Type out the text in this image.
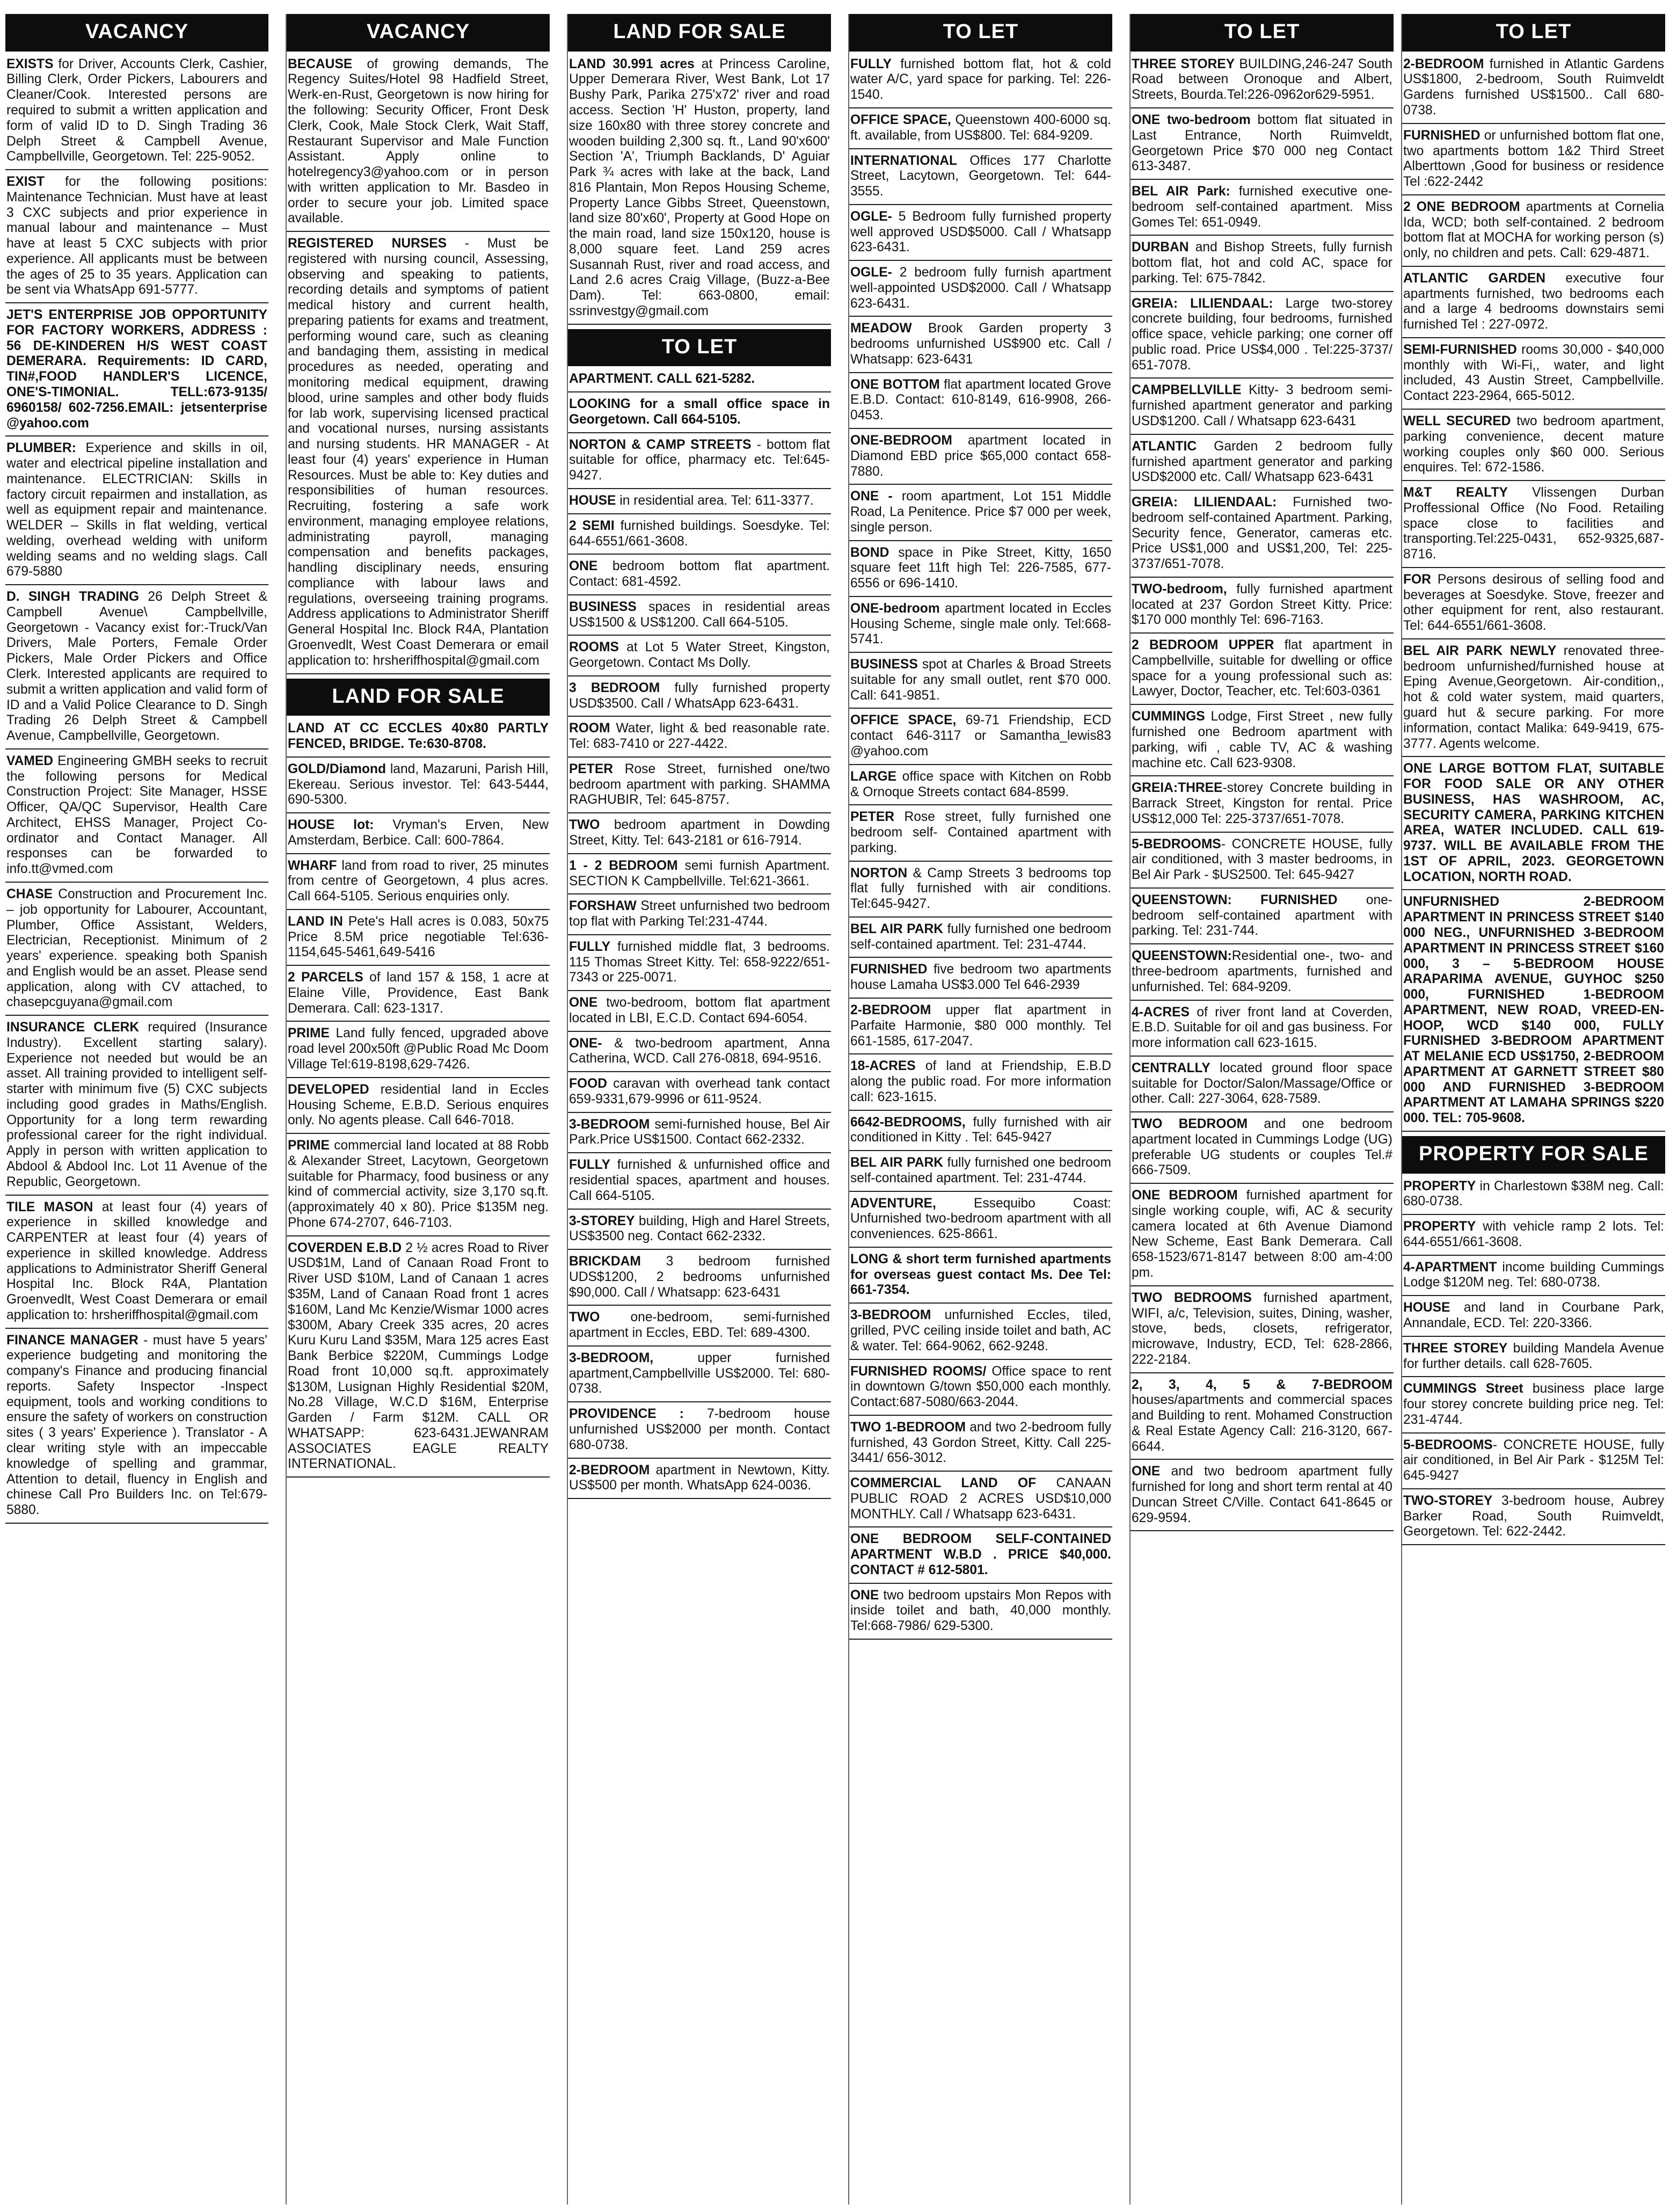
VACANCY
EXISTS for Driver, Accounts Clerk, Cashier, Billing Clerk, Order Pickers, Labourers and Cleaner/Cook. Interested persons are required to submit a written application and form of valid ID to D. Singh Trading 36 Delph Street & Campbell Avenue, Campbellville, Georgetown. Tel: 225-9052.
EXIST for the following positions: Maintenance Technician. Must have at least 3 CXC subjects and prior experience in manual labour and maintenance – Must have at least 5 CXC subjects with prior experience. All applicants must be between the ages of 25 to 35 years. Application can be sent via WhatsApp 691-5777.
JET'S ENTERPRISE JOB OPPORTUNITY FOR FACTORY WORKERS, ADDRESS : 56 DE-KINDEREN H/S WEST COAST DEMERARA. Requirements: ID CARD, TIN#,FOOD HANDLER'S LICENCE, ONE'S-TIMONIAL. TELL:673-9135/ 6960158/ 602-7256.EMAIL: jetsenterprise @yahoo.com
PLUMBER: Experience and skills in oil, water and electrical pipeline installation and maintenance. ELECTRICIAN: Skills in factory circuit repairmen and installation, as well as equipment repair and maintenance. WELDER – Skills in flat welding, vertical welding, overhead welding with uniform welding seams and no welding slags. Call 679-5880
D. SINGH TRADING 26 Delph Street & Campbell Avenue\ Campbellville, Georgetown - Vacancy exist for:-Truck/Van Drivers, Male Porters, Female Order Pickers, Male Order Pickers and Office Clerk. Interested applicants are required to submit a written application and valid form of ID and a Valid Police Clearance to D. Singh Trading 26 Delph Street & Campbell Avenue, Campbellville, Georgetown.
VAMED Engineering GMBH seeks to recruit the following persons for Medical Construction Project: Site Manager, HSSE Officer, QA/QC Supervisor, Health Care Architect, EHSS Manager, Project Co-ordinator and Contact Manager. All responses can be forwarded to info.tt@vmed.com
CHASE Construction and Procurement Inc. – job opportunity for Labourer, Accountant, Plumber, Office Assistant, Welders, Electrician, Receptionist. Minimum of 2 years' experience. speaking both Spanish and English would be an asset. Please send application, along with CV attached, to chasepcguyana@gmail.com
INSURANCE CLERK required (Insurance Industry). Excellent starting salary). Experience not needed but would be an asset. All training provided to intelligent self-starter with minimum five (5) CXC subjects including good grades in Maths/English. Opportunity for a long term rewarding professional career for the right individual. Apply in person with written application to Abdool & Abdool Inc. Lot 11 Avenue of the Republic, Georgetown.
TILE MASON at least four (4) years of experience in skilled knowledge and CARPENTER at least four (4) years of experience in skilled knowledge. Address applications to Administrator Sheriff General Hospital Inc. Block R4A, Plantation Groenvedlt, West Coast Demerara or email application to: hrsheriffhospital@gmail.com
FINANCE MANAGER - must have 5 years' experience budgeting and monitoring the company's Finance and producing financial reports. Safety Inspector -Inspect equipment, tools and working conditions to ensure the safety of workers on construction sites ( 3 years' Experience ). Translator - A clear writing style with an impeccable knowledge of spelling and grammar, Attention to detail, fluency in English and chinese Call Pro Builders Inc. on Tel:679-5880.
VACANCY
BECAUSE of growing demands, The Regency Suites/Hotel 98 Hadfield Street, Werk-en-Rust, Georgetown is now hiring for the following: Security Officer, Front Desk Clerk, Cook, Male Stock Clerk, Wait Staff, Restaurant Supervisor and Male Function Assistant. Apply online to hotelregency3@yahoo.com or in person with written application to Mr. Basdeo in order to secure your job. Limited space available.
REGISTERED NURSES - Must be registered with nursing council, Assessing, observing and speaking to patients, recording details and symptoms of patient medical history and current health, preparing patients for exams and treatment, performing wound care, such as cleaning and bandaging them, assisting in medical procedures as needed, operating and monitoring medical equipment, drawing blood, urine samples and other body fluids for lab work, supervising licensed practical and vocational nurses, nursing assistants and nursing students. HR MANAGER - At least four (4) years' experience in Human Resources. Must be able to: Key duties and responsibilities of human resources. Recruiting, fostering a safe work environment, managing employee relations, administrating payroll, managing compensation and benefits packages, handling disciplinary needs, ensuring compliance with labour laws and regulations, overseeing training programs. Address applications to Administrator Sheriff General Hospital Inc. Block R4A, Plantation Groenvedlt, West Coast Demerara or email application to: hrsheriffhospital@gmail.com
LAND FOR SALE
LAND AT CC ECCLES 40x80 PARTLY FENCED, BRIDGE. Te:630-8708.
GOLD/Diamond land, Mazaruni, Parish Hill, Ekereau. Serious investor. Tel: 643-5444, 690-5300.
HOUSE lot: Vryman's Erven, New Amsterdam, Berbice. Call: 600-7864.
WHARF land from road to river, 25 minutes from centre of Georgetown, 4 plus acres. Call 664-5105. Serious enquiries only.
LAND IN Pete's Hall acres is 0.083, 50x75 Price 8.5M price negotiable Tel:636-1154,645-5461,649-5416
2 PARCELS of land 157 & 158, 1 acre at Elaine Ville, Providence, East Bank Demerara. Call: 623-1317.
PRIME Land fully fenced, upgraded above road level 200x50ft @Public Road Mc Doom Village Tel:619-8198,629-7426.
DEVELOPED residential land in Eccles Housing Scheme, E.B.D. Serious enquires only. No agents please. Call 646-7018.
PRIME commercial land located at 88 Robb & Alexander Street, Lacytown, Georgetown suitable for Pharmacy, food business or any kind of commercial activity, size 3,170 sq.ft. (approximately 40 x 80). Price $135M neg. Phone 674-2707, 646-7103.
COVERDEN E.B.D 2 ½ acres Road to River USD$1M, Land of Canaan Road Front to River USD $10M, Land of Canaan 1 acres $35M, Land of Canaan Road front 1 acres $160M, Land Mc Kenzie/Wismar 1000 acres $300M, Abary Creek 335 acres, 20 acres Kuru Kuru Land $35M, Mara 125 acres East Bank Berbice $220M, Cummings Lodge Road front 10,000 sq.ft. approximately $130M, Lusignan Highly Residential $20M, No.28 Village, W.C.D $16M, Enterprise Garden / Farm $12M. CALL OR WHATSAPP: 623-6431.JEWANRAM ASSOCIATES EAGLE REALTY INTERNATIONAL.
LAND FOR SALE
LAND 30.991 acres at Princess Caroline, Upper Demerara River, West Bank, Lot 17 Bushy Park, Parika 275'x72' river and road access. Section 'H' Huston, property, land size 160x80 with three storey concrete and wooden building 2,300 sq. ft., Land 90'x600' Section 'A', Triumph Backlands, D' Aguiar Park ¾ acres with lake at the back, Land 816 Plantain, Mon Repos Housing Scheme, Property Lance Gibbs Street, Queenstown, land size 80'x60', Property at Good Hope on the main road, land size 150x120, house is 8,000 square feet. Land 259 acres Susannah Rust, river and road access, and Land 2.6 acres Craig Village, (Buzz-a-Bee Dam). Tel: 663-0800, email: ssrinvestgy@gmail.com
TO LET
APARTMENT. CALL 621-5282.
LOOKING for a small office space in Georgetown. Call 664-5105.
NORTON & CAMP STREETS - bottom flat suitable for office, pharmacy etc. Tel:645-9427.
HOUSE in residential area. Tel: 611-3377.
2 SEMI furnished buildings. Soesdyke. Tel: 644-6551/661-3608.
ONE bedroom bottom flat apartment. Contact: 681-4592.
BUSINESS spaces in residential areas US$1500 & US$1200. Call 664-5105.
ROOMS at Lot 5 Water Street, Kingston, Georgetown. Contact Ms Dolly.
3 BEDROOM fully furnished property USD$3500. Call / WhatsApp 623-6431.
ROOM Water, light & bed reasonable rate. Tel: 683-7410 or 227-4422.
PETER Rose Street, furnished one/two bedroom apartment with parking. SHAMMA RAGHUBIR, Tel: 645-8757.
TWO bedroom apartment in Dowding Street, Kitty. Tel: 643-2181 or 616-7914.
1 - 2 BEDROOM semi furnish Apartment. SECTION K Campbellville. Tel:621-3661.
FORSHAW Street unfurnished two bedroom top flat with Parking Tel:231-4744.
FULLY furnished middle flat, 3 bedrooms. 115 Thomas Street Kitty. Tel: 658-9222/651-7343 or 225-0071.
ONE two-bedroom, bottom flat apartment located in LBI, E.C.D. Contact 694-6054.
ONE- & two-bedroom apartment, Anna Catherina, WCD. Call 276-0818, 694-9516.
FOOD caravan with overhead tank contact 659-9331,679-9996 or 611-9524.
3-BEDROOM semi-furnished house, Bel Air Park.Price US$1500. Contact 662-2332.
FULLY furnished & unfurnished office and residential spaces, apartment and houses. Call 664-5105.
3-STOREY building, High and Harel Streets, US$3500 neg. Contact 662-2332.
BRICKDAM 3 bedroom furnished UDS$1200, 2 bedrooms unfurnished $90,000. Call / Whatsapp: 623-6431
TWO one-bedroom, semi-furnished apartment in Eccles, EBD. Tel: 689-4300.
3-BEDROOM, upper furnished apartment,Campbellville US$2000. Tel: 680-0738.
PROVIDENCE : 7-bedroom house unfurnished US$2000 per month. Contact 680-0738.
2-BEDROOM apartment in Newtown, Kitty. US$500 per month. WhatsApp 624-0036.
TO LET
FULLY furnished bottom flat, hot & cold water A/C, yard space for parking. Tel: 226-1540.
OFFICE SPACE, Queenstown 400-6000 sq. ft. available, from US$800. Tel: 684-9209.
INTERNATIONAL Offices 177 Charlotte Street, Lacytown, Georgetown. Tel: 644-3555.
OGLE- 5 Bedroom fully furnished property well approved USD$5000. Call / Whatsapp 623-6431.
OGLE- 2 bedroom fully furnish apartment well-appointed USD$2000. Call / Whatsapp 623-6431.
MEADOW Brook Garden property 3 bedrooms unfurnished US$900 etc. Call / Whatsapp: 623-6431
ONE BOTTOM flat apartment located Grove E.B.D. Contact: 610-8149, 616-9908, 266-0453.
ONE-BEDROOM apartment located in Diamond EBD price $65,000 contact 658-7880.
ONE - room apartment, Lot 151 Middle Road, La Penitence. Price $7 000 per week, single person.
BOND space in Pike Street, Kitty, 1650 square feet 11ft high Tel: 226-7585, 677-6556 or 696-1410.
ONE-bedroom apartment located in Eccles Housing Scheme, single male only. Tel:668-5741.
BUSINESS spot at Charles & Broad Streets suitable for any small outlet, rent $70 000. Call: 641-9851.
OFFICE SPACE, 69-71 Friendship, ECD contact 646-3117 or Samantha_lewis83 @yahoo.com
LARGE office space with Kitchen on Robb & Ornoque Streets contact 684-8599.
PETER Rose street, fully furnished one bedroom self- Contained apartment with parking.
NORTON & Camp Streets 3 bedrooms top flat fully furnished with air conditions. Tel:645-9427.
BEL AIR PARK fully furnished one bedroom self-contained apartment. Tel: 231-4744.
FURNISHED five bedroom two apartments house Lamaha US$3.000 Tel 646-2939
2-BEDROOM upper flat apartment in Parfaite Harmonie, $80 000 monthly. Tel 661-1585, 617-2047.
18-ACRES of land at Friendship, E.B.D along the public road. For more information call: 623-1615.
6642-BEDROOMS, fully furnished with air conditioned in Kitty . Tel: 645-9427
BEL AIR PARK fully furnished one bedroom self-contained apartment. Tel: 231-4744.
ADVENTURE, Essequibo Coast: Unfurnished two-bedroom apartment with all conveniences. 625-8661.
LONG & short term furnished apartments for overseas guest contact Ms. Dee Tel: 661-7354.
3-BEDROOM unfurnished Eccles, tiled, grilled, PVC ceiling inside toilet and bath, AC & water. Tel: 664-9062, 662-9248.
FURNISHED ROOMS/ Office space to rent in downtown G/town $50,000 each monthly. Contact:687-5080/663-2044.
TWO 1-BEDROOM and two 2-bedroom fully furnished, 43 Gordon Street, Kitty. Call 225- 3441/ 656-3012.
COMMERCIAL LAND OF CANAAN PUBLIC ROAD 2 ACRES USD$10,000 MONTHLY. Call / Whatsapp 623-6431.
ONE BEDROOM SELF-CONTAINED APARTMENT W.B.D . PRICE $40,000. CONTACT # 612-5801.
ONE two bedroom upstairs Mon Repos with inside toilet and bath, 40,000 monthly. Tel:668-7986/ 629-5300.
TO LET
THREE STOREY BUILDING,246-247 South Road between Oronoque and Albert, Streets, Bourda.Tel:226-0962or629-5951.
ONE two-bedroom bottom flat situated in Last Entrance, North Ruimveldt, Georgetown Price $70 000 neg Contact 613-3487.
BEL AIR Park: furnished executive one-bedroom self-contained apartment. Miss Gomes Tel: 651-0949.
DURBAN and Bishop Streets, fully furnish bottom flat, hot and cold AC, space for parking. Tel: 675-7842.
GREIA: LILIENDAAL: Large two-storey concrete building, four bedrooms, furnished office space, vehicle parking; one corner off public road. Price US$4,000 . Tel:225-3737/ 651-7078.
CAMPBELLVILLE Kitty- 3 bedroom semi-furnished apartment generator and parking USD$1200. Call / Whatsapp 623-6431
ATLANTIC Garden 2 bedroom fully furnished apartment generator and parking USD$2000 etc. Call/ Whatsapp 623-6431
GREIA: LILIENDAAL: Furnished two-bedroom self-contained Apartment. Parking, Security fence, Generator, cameras etc. Price US$1,000 and US$1,200, Tel: 225-3737/651-7078.
TWO-bedroom, fully furnished apartment located at 237 Gordon Street Kitty. Price: $170 000 monthly Tel: 696-7163.
2 BEDROOM UPPER flat apartment in Campbellville, suitable for dwelling or office space for a young professional such as: Lawyer, Doctor, Teacher, etc. Tel:603-0361
CUMMINGS Lodge, First Street , new fully furnished one Bedroom apartment with parking, wifi , cable TV, AC & washing machine etc. Call 623-9308.
GREIA:THREE-storey Concrete building in Barrack Street, Kingston for rental. Price US$12,000 Tel: 225-3737/651-7078.
5-BEDROOMS- CONCRETE HOUSE, fully air conditioned, with 3 master bedrooms, in Bel Air Park - $US2500. Tel: 645-9427
QUEENSTOWN: FURNISHED one-bedroom self-contained apartment with parking. Tel: 231-744.
QUEENSTOWN:Residential one-, two- and three-bedroom apartments, furnished and unfurnished. Tel: 684-9209.
4-ACRES of river front land at Coverden, E.B.D. Suitable for oil and gas business. For more information call 623-1615.
CENTRALLY located ground floor space suitable for Doctor/Salon/Massage/Office or other. Call: 227-3064, 628-7589.
TWO BEDROOM and one bedroom apartment located in Cummings Lodge (UG) preferable UG students or couples Tel.# 666-7509.
ONE BEDROOM furnished apartment for single working couple, wifi, AC & security camera located at 6th Avenue Diamond New Scheme, East Bank Demerara. Call 658-1523/671-8147 between 8:00 am-4:00 pm.
TWO BEDROOMS furnished apartment, WIFI, a/c, Television, suites, Dining, washer, stove, beds, closets, refrigerator, microwave, Industry, ECD, Tel: 628-2866, 222-2184.
2, 3, 4, 5 & 7-BEDROOM houses/apartments and commercial spaces and Building to rent. Mohamed Construction & Real Estate Agency Call: 216-3120, 667-6644.
ONE and two bedroom apartment fully furnished for long and short term rental at 40 Duncan Street C/Ville. Contact 641-8645 or 629-9594.
TO LET
2-BEDROOM furnished in Atlantic Gardens US$1800, 2-bedroom, South Ruimveldt Gardens furnished US$1500.. Call 680-0738.
FURNISHED or unfurnished bottom flat one, two apartments bottom 1&2 Third Street Alberttown ,Good for business or residence Tel :622-2442
2 ONE BEDROOM apartments at Cornelia Ida, WCD; both self-contained. 2 bedroom bottom flat at MOCHA for working person (s) only, no children and pets. Call: 629-4871.
ATLANTIC GARDEN executive four apartments furnished, two bedrooms each and a large 4 bedrooms downstairs semi furnished Tel : 227-0972.
SEMI-FURNISHED rooms 30,000 - $40,000 monthly with Wi-Fi,, water, and light included, 43 Austin Street, Campbellville. Contact 223-2964, 665-5012.
WELL SECURED two bedroom apartment, parking convenience, decent mature working couples only $60 000. Serious enquires. Tel: 672-1586.
M&T REALTY Vlissengen Durban Proffessional Office (No Food. Retailing space close to facilities and transporting.Tel:225-0431, 652-9325,687-8716.
FOR Persons desirous of selling food and beverages at Soesdyke. Stove, freezer and other equipment for rent, also restaurant. Tel: 644-6551/661-3608.
BEL AIR PARK NEWLY renovated three-bedroom unfurnished/furnished house at Eping Avenue,Georgetown. Air-condition,, hot & cold water system, maid quarters, guard hut & secure parking. For more information, contact Malika: 649-9419, 675-3777. Agents welcome.
ONE LARGE BOTTOM FLAT, SUITABLE FOR FOOD SALE OR ANY OTHER BUSINESS, HAS WASHROOM, AC, SECURITY CAMERA, PARKING KITCHEN AREA, WATER INCLUDED. CALL 619-9737. WILL BE AVAILABLE FROM THE 1ST OF APRIL, 2023. GEORGETOWN LOCATION, NORTH ROAD.
UNFURNISHED 2-BEDROOM APARTMENT IN PRINCESS STREET $140 000 NEG., UNFURNISHED 3-BEDROOM APARTMENT IN PRINCESS STREET $160 000, 3 – 5-BEDROOM HOUSE ARAPARIMA AVENUE, GUYHOC $250 000, FURNISHED 1-BEDROOM APARTMENT, NEW ROAD, VREED-EN-HOOP, WCD $140 000, FULLY FURNISHED 3-BEDROOM APARTMENT AT MELANIE ECD US$1750, 2-BEDROOM APARTMENT AT GARNETT STREET $80 000 AND FURNISHED 3-BEDROOM APARTMENT AT LAMAHA SPRINGS $220 000. TEL: 705-9608.
PROPERTY FOR SALE
PROPERTY in Charlestown $38M neg. Call: 680-0738.
PROPERTY with vehicle ramp 2 lots. Tel: 644-6551/661-3608.
4-APARTMENT income building Cummings Lodge $120M neg. Tel: 680-0738.
HOUSE and land in Courbane Park, Annandale, ECD. Tel: 220-3366.
THREE STOREY building Mandela Avenue for further details. call 628-7605.
CUMMINGS Street business place large four storey concrete building price neg. Tel: 231-4744.
5-BEDROOMS- CONCRETE HOUSE, fully air conditioned, in Bel Air Park - $125M Tel: 645-9427
TWO-STOREY 3-bedroom house, Aubrey Barker Road, South Ruimveldt, Georgetown. Tel: 622-2442.
